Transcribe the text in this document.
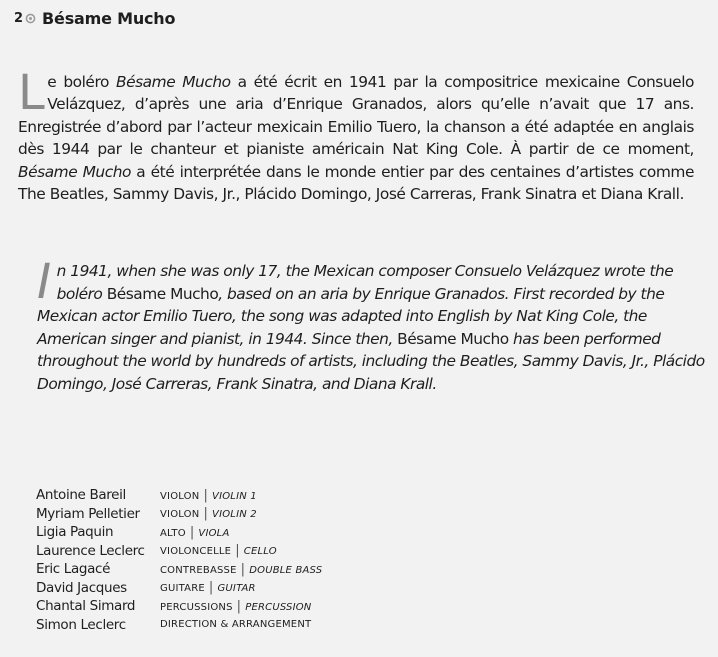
2 Bésame Mucho
Le boléro Bésame Mucho a été écrit en 1941 par la compositrice mexicaine Consuelo Velázquez, d’après une aria d’Enrique Granados, alors qu’elle n’avait que 17 ans. Enregistrée d’abord par l’acteur mexicain Emilio Tuero, la chanson a été adaptée en anglais dès 1944 par le chanteur et pianiste américain Nat King Cole. À partir de ce moment, Bésame Mucho a été interprétée dans le monde entier par des centaines d’artistes comme The Beatles, Sammy Davis, Jr., Plácido Domingo, José Carreras, Frank Sinatra et Diana Krall.
In 1941, when she was only 17, the Mexican composer Consuelo Velázquez wrote the boléro Bésame Mucho, based on an aria by Enrique Granados. First recorded by the Mexican actor Emilio Tuero, the song was adapted into English by Nat King Cole, the American singer and pianist, in 1944. Since then, Bésame Mucho has been performed throughout the world by hundreds of artists, including the Beatles, Sammy Davis, Jr., Plácido Domingo, José Carreras, Frank Sinatra, and Diana Krall.
Antoine Bareil	VIOLON | VIOLIN 1
Myriam Pelletier	VIOLON | VIOLIN 2
Ligia Paquin	ALTO | VIOLA
Laurence Leclerc	VIOLONCELLE | CELLO
Eric Lagacé	CONTREBASSE | DOUBLE BASS
David Jacques	GUITARE | GUITAR
Chantal Simard	PERCUSSIONS | PERCUSSION
Simon Leclerc	DIRECTION & ARRANGEMENT
